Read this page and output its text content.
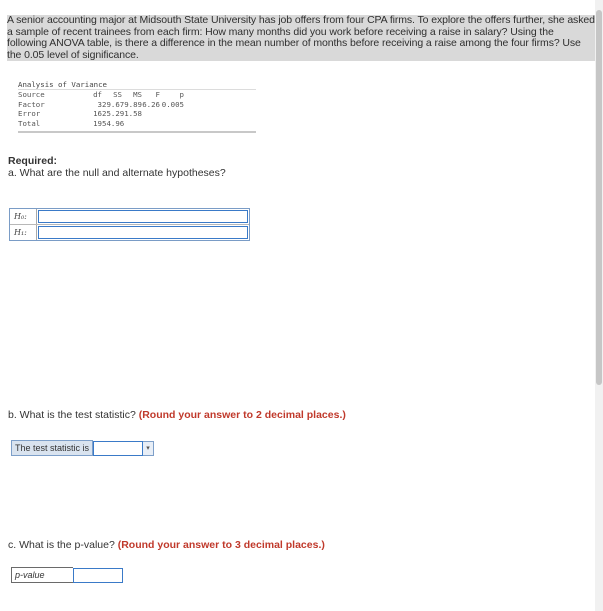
A senior accounting major at Midsouth State University has job offers from four CPA firms. To explore the offers further, she asked a sample of recent trainees from each firm: How many months did you work before receiving a raise in salary? Using the following ANOVA table, is there a difference in the mean number of months before receiving a raise among the four firms? Use the 0.05 level of significance.
Analysis of Variance
Source	df	SS	MS	F	p
Factor	3 29.67 9.89 6.26 0.005
Error	16 25.29 1.58
Total	19 54.96
Required:
a. What are the null and alternate hypotheses?
H₀:
H₁:
b. What is the test statistic? (Round your answer to 2 decimal places.)
The test statistic is	▾
c. What is the p-value? (Round your answer to 3 decimal places.)
p-value
